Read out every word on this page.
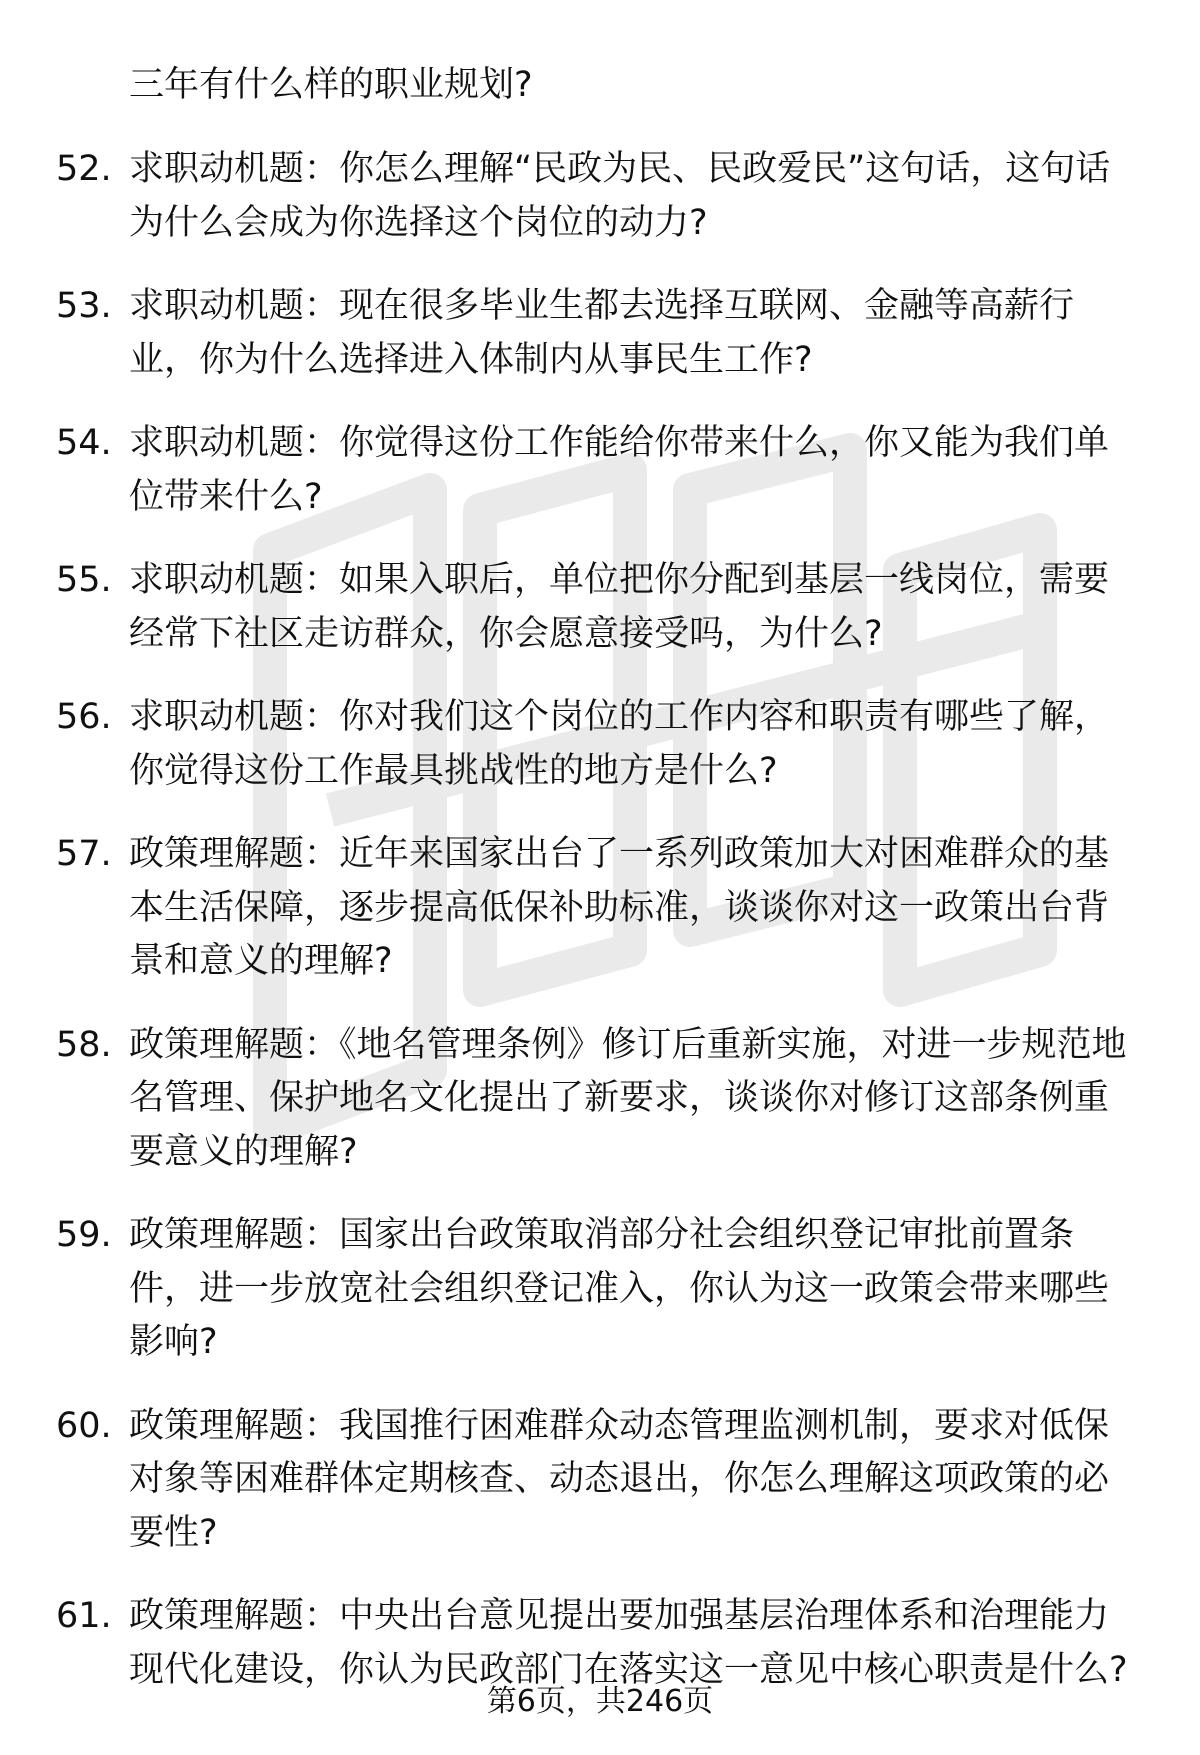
三年有什么样的职业规划?
52. 求职动机题：你怎么理解“民政为民、民政爱民”这句话，这句话为什么会成为你选择这个岗位的动力?
53. 求职动机题：现在很多毕业生都去选择互联网、金融等高薪行业，你为什么选择进入体制内从事民生工作?
54. 求职动机题：你觉得这份工作能给你带来什么，你又能为我们单位带来什么?
55. 求职动机题：如果入职后，单位把你分配到基层一线岗位，需要经常下社区走访群众，你会愿意接受吗，为什么?
56. 求职动机题：你对我们这个岗位的工作内容和职责有哪些了解，你觉得这份工作最具挑战性的地方是什么?
57. 政策理解题：近年来国家出台了一系列政策加大对困难群众的基本生活保障，逐步提高低保补助标准，谈谈你对这一政策出台背景和意义的理解?
58. 政策理解题：《地名管理条例》修订后重新实施，对进一步规范地名管理、保护地名文化提出了新要求，谈谈你对修订这部条例重要意义的理解?
59. 政策理解题：国家出台政策取消部分社会组织登记审批前置条件，进一步放宽社会组织登记准入，你认为这一政策会带来哪些影响?
60. 政策理解题：我国推行困难群众动态管理监测机制，要求对低保对象等困难群体定期核查、动态退出，你怎么理解这项政策的必要性?
61. 政策理解题：中央出台意见提出要加强基层治理体系和治理能力现代化建设，你认为民政部门在落实这一意见中核心职责是什么?
第6页，共246页
